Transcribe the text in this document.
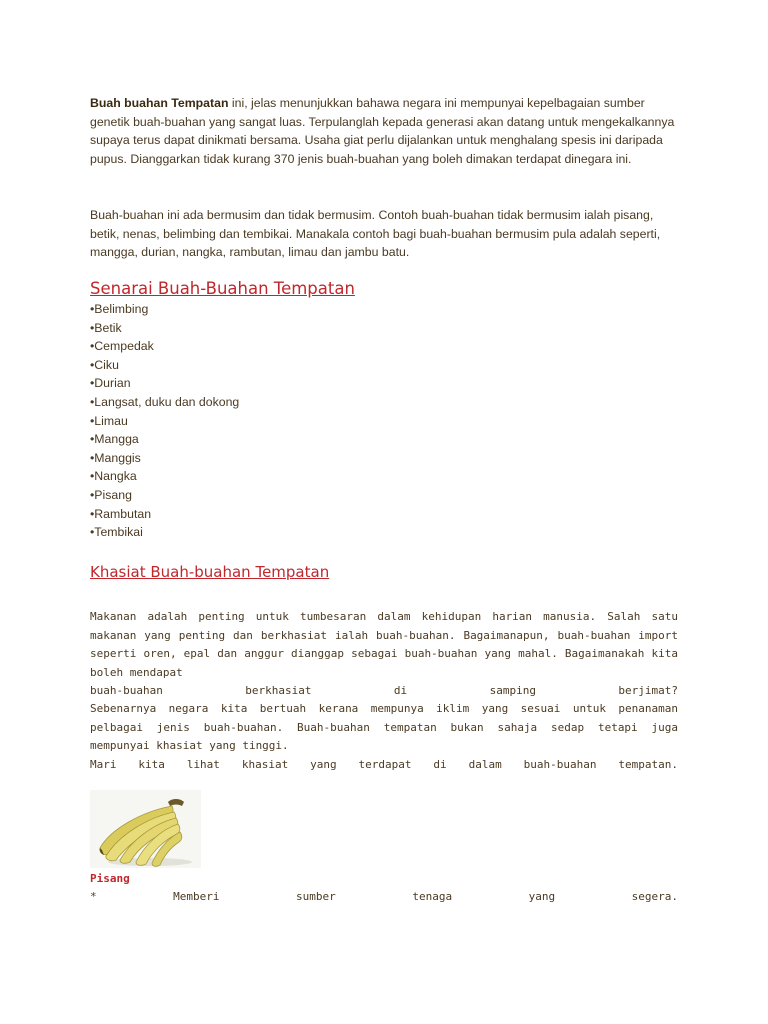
Buah buahan Tempatan ini, jelas menunjukkan bahawa negara ini mempunyai kepelbagaian sumber genetik buah-buahan yang sangat luas. Terpulanglah kepada generasi akan datang untuk mengekalkannya supaya terus dapat dinikmati bersama. Usaha giat perlu dijalankan untuk menghalang spesis ini daripada pupus. Dianggarkan tidak kurang 370 jenis buah-buahan yang boleh dimakan terdapat dinegara ini.

Buah-buahan ini ada bermusim dan tidak bermusim. Contoh buah-buahan tidak bermusim ialah pisang, betik, nenas, belimbing dan tembikai. Manakala contoh bagi buah-buahan bermusim pula adalah seperti, mangga, durian, nangka, rambutan, limau dan jambu batu.

Senarai Buah-Buahan Tempatan
•Belimbing
•Betik
•Cempedak
•Ciku
•Durian
•Langsat, duku dan dokong
•Limau
•Mangga
•Manggis
•Nangka
•Pisang
•Rambutan
•Tembikai
Khasiat Buah-buahan Tempatan
Makanan adalah penting untuk tumbesaran dalam kehidupan harian manusia. Salah satu makanan yang penting dan berkhasiat ialah buah-buahan. Bagaimanapun, buah-buahan import seperti oren, epal dan anggur dianggap sebagai buah-buahan yang mahal. Bagaimanakah kita boleh mendapat
buah-buahan berkhasiat di samping berjimat?
Sebenarnya negara kita bertuah kerana mempunya iklim yang sesuai untuk penanaman pelbagai jenis buah-buahan. Buah-buahan tempatan bukan sahaja sedap tetapi juga mempunyai khasiat yang tinggi.
Mari kita lihat khasiat yang terdapat di dalam buah-buahan tempatan.
Pisang
* Memberi sumber tenaga yang segera.
